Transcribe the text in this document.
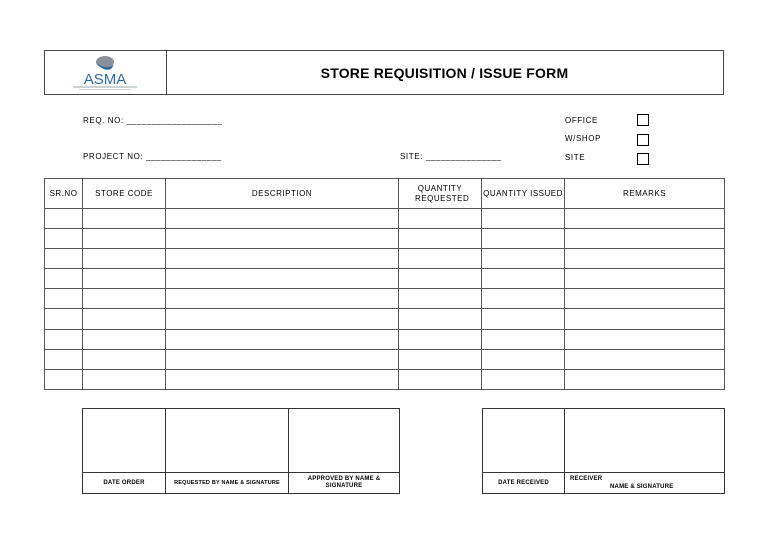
ASMA	STORE REQUISITION / ISSUE FORM
REQ. NO: ___________________
PROJECT NO: _______________	SITE: _______________
OFFICE
W/SHOP
SITE
SR.NO	STORE CODE	DESCRIPTION	QUANTITY REQUESTED	QUANTITY ISSUED	REMARKS

DATE ORDER	REQUESTED BY NAME & SIGNATURE	APPROVED BY NAME & SIGNATURE

DATE RECEIVED	RECEIVER
NAME & SIGNATURE
